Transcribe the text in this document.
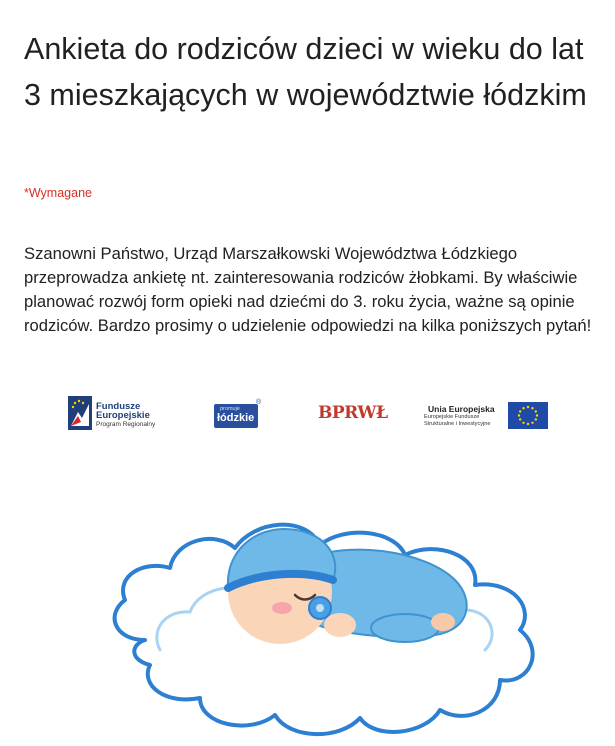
Ankieta do rodziców dzieci w wieku do lat 3 mieszkających w województwie łódzkim
*Wymagane
Szanowni Państwo, Urząd Marszałkowski Województwa Łódzkiego przeprowadza ankietę nt. zainteresowania rodziców żłobkami. By właściwie planować rozwój form opieki nad dziećmi do 3. roku życia, ważne są opinie rodziców. Bardzo prosimy o udzielenie odpowiedzi na kilka poniższych pytań!
Fundusze
Europejskie
Program Regionalny
promuje
łódzkie
®
BPRWŁ	Unia Europejska
Europejskie Fundusze
Strukturalne i Inwestycyjne
